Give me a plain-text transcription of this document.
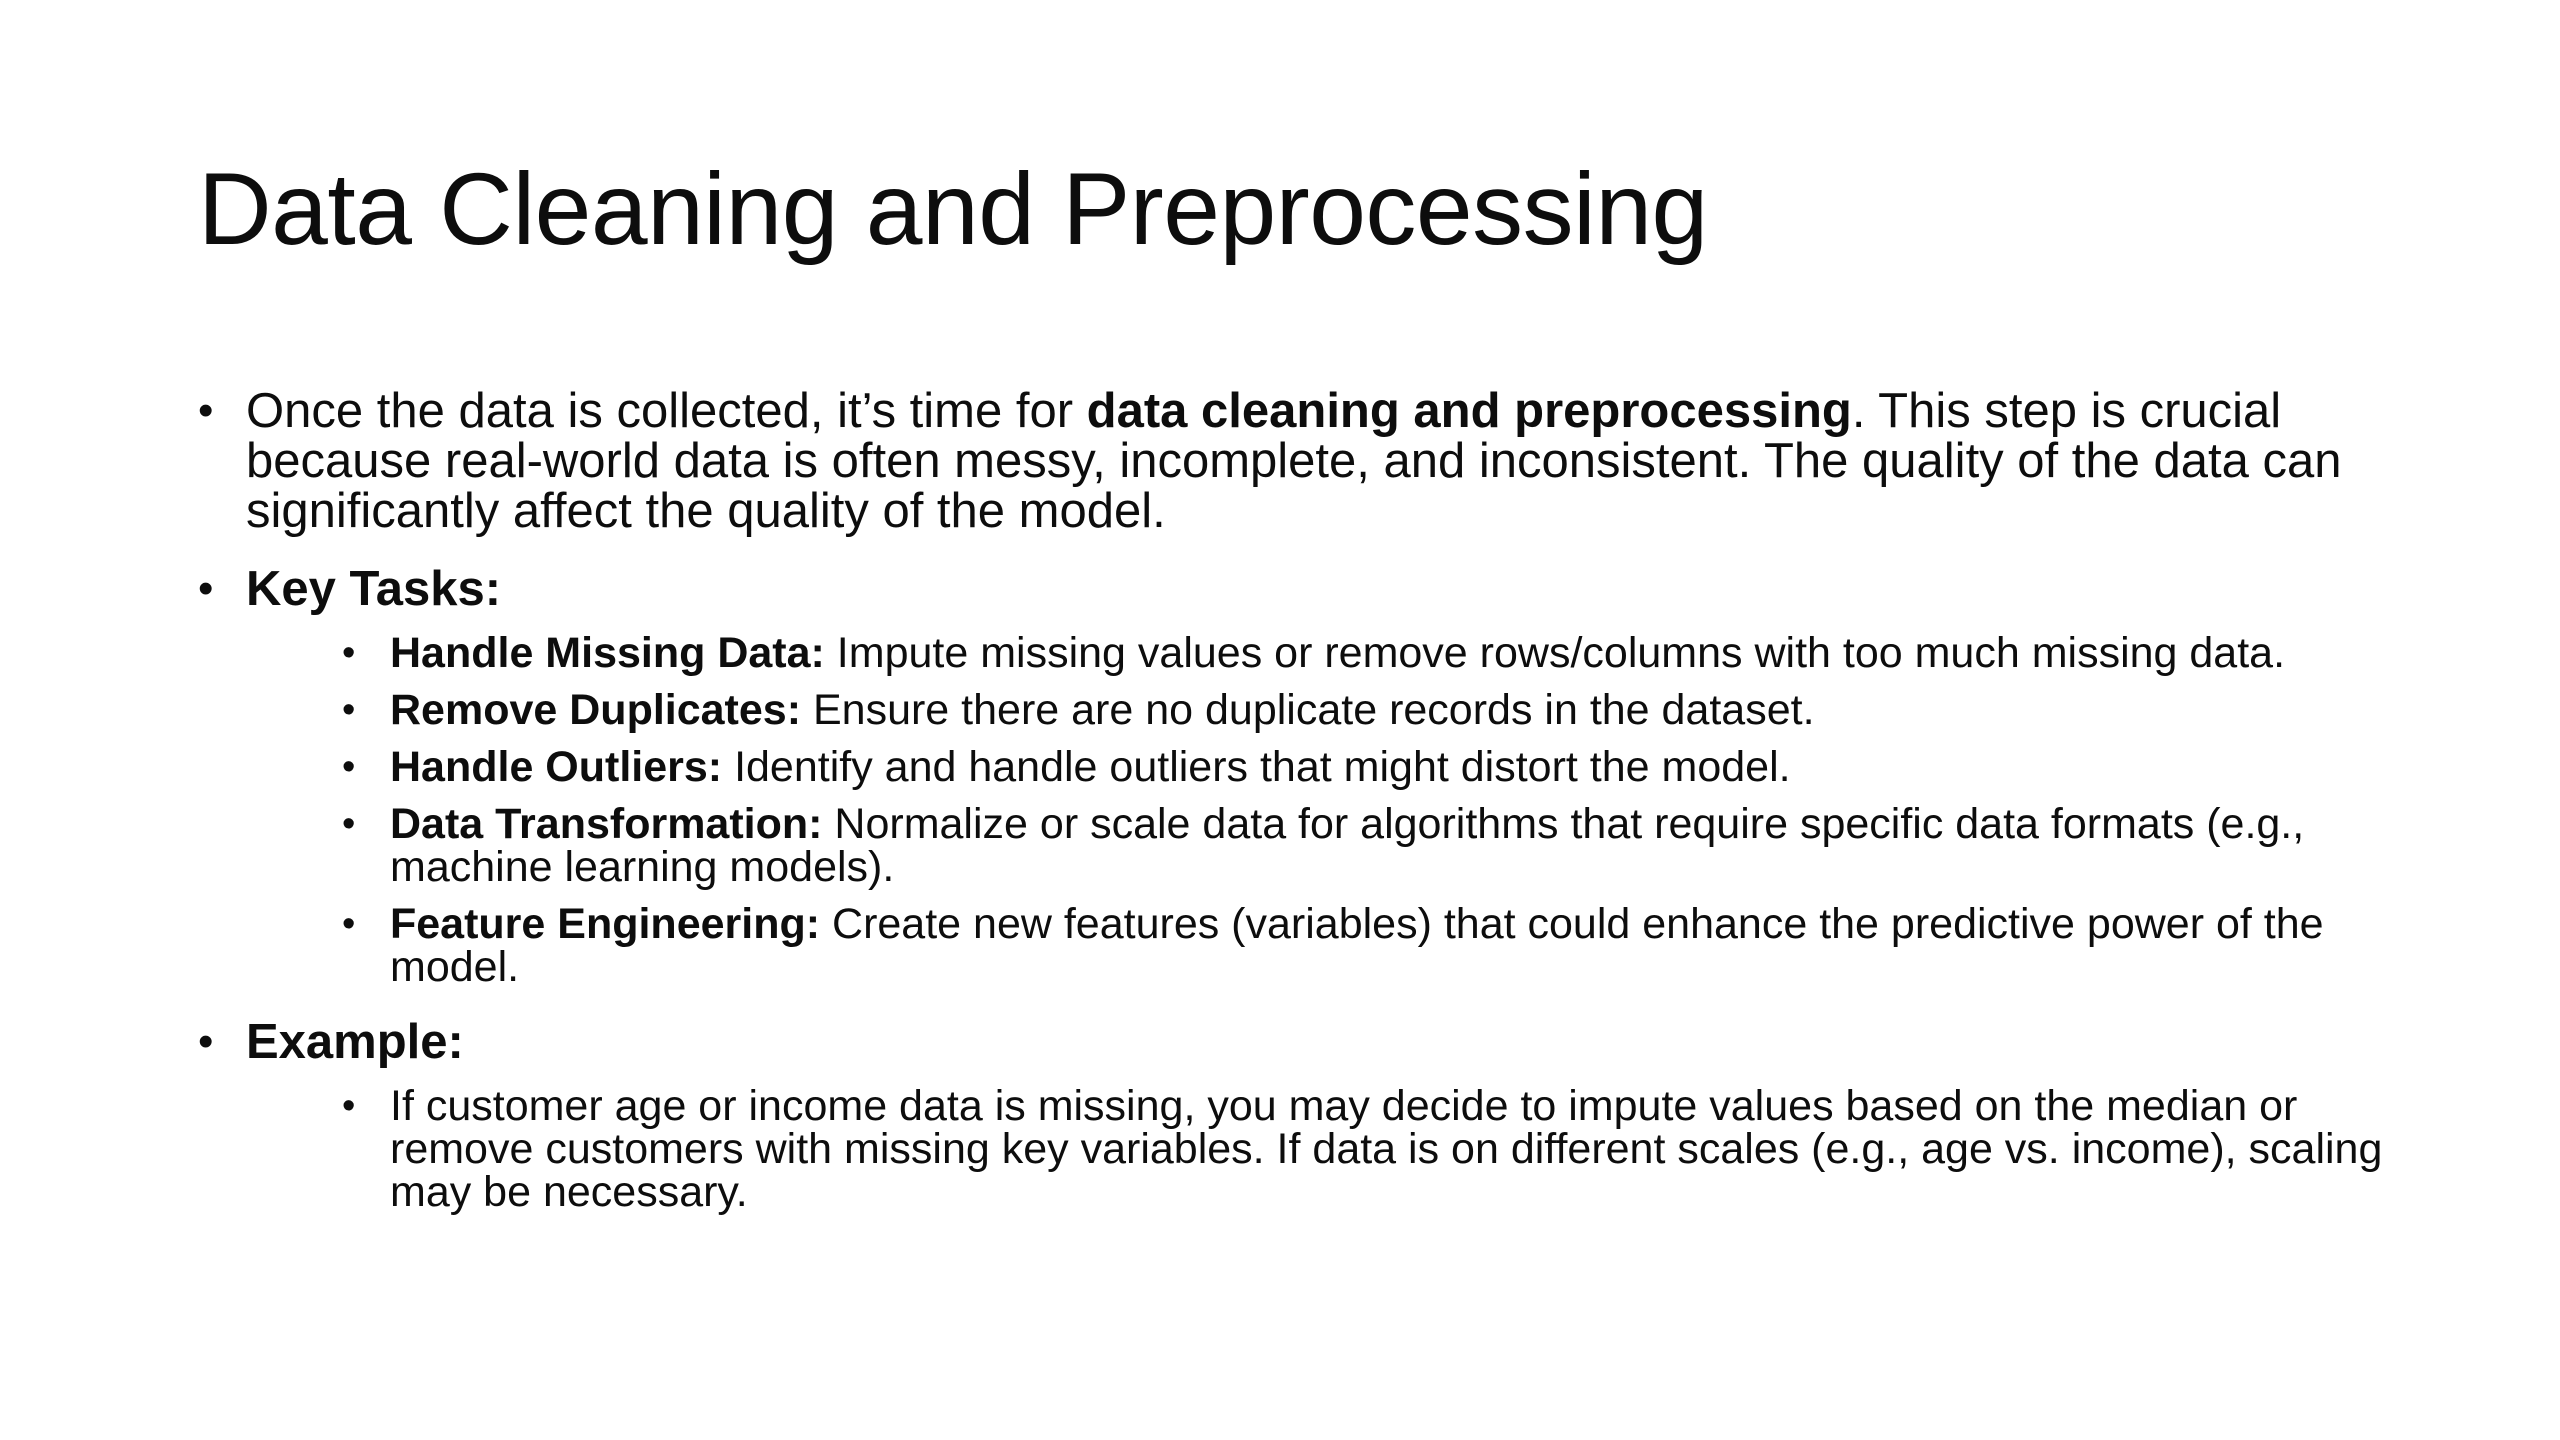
Data Cleaning and Preprocessing
• Once the data is collected, it’s time for data cleaning and preprocessing. This step is crucial because real-world data is often messy, incomplete, and inconsistent. The quality of the data can significantly affect the quality of the model.
• Key Tasks:
• Handle Missing Data: Impute missing values or remove rows/columns with too much missing data.
• Remove Duplicates: Ensure there are no duplicate records in the dataset.
• Handle Outliers: Identify and handle outliers that might distort the model.
• Data Transformation: Normalize or scale data for algorithms that require specific data formats (e.g., machine learning models).
• Feature Engineering: Create new features (variables) that could enhance the predictive power of the model.
• Example:
• If customer age or income data is missing, you may decide to impute values based on the median or remove customers with missing key variables. If data is on different scales (e.g., age vs. income), scaling may be necessary.
